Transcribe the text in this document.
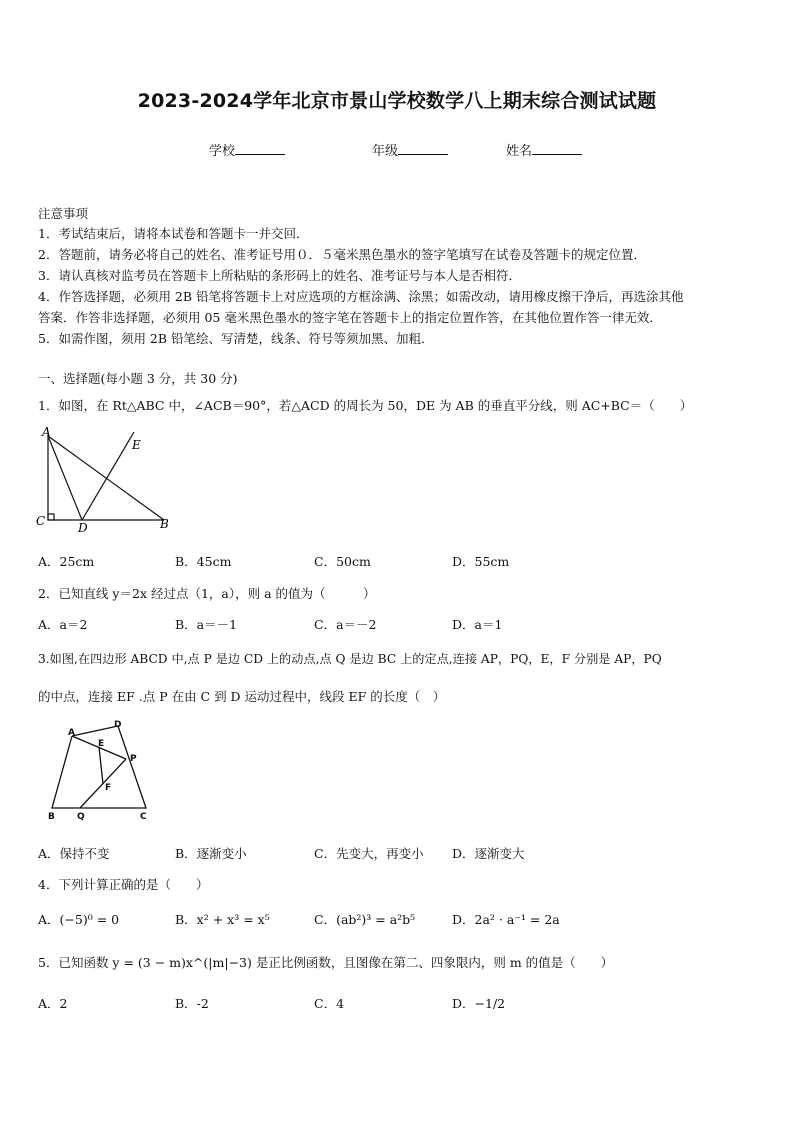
2023-2024学年北京市景山学校数学八上期末综合测试试题
学校	年级	姓名
注意事项
1．考试结束后，请将本试卷和答题卡一并交回．
2．答题前，请务必将自己的姓名、准考证号用０．５毫米黑色墨水的签字笔填写在试卷及答题卡的规定位置．
3．请认真核对监考员在答题卡上所粘贴的条形码上的姓名、准考证号与本人是否相符．
4．作答选择题，必须用 2B 铅笔将答题卡上对应选项的方框涂满、涂黑；如需改动，请用橡皮擦干净后，再选涂其他
答案．作答非选择题，必须用 05 毫米黑色墨水的签字笔在答题卡上的指定位置作答，在其他位置作答一律无效．
5．如需作图，须用 2B 铅笔绘、写清楚，线条、符号等须加黑、加粗．
一、选择题(每小题 3 分，共 30 分)
1．如图，在 Rt△ABC 中，∠ACB＝90°，若△ACD 的周长为 50，DE 为 AB 的垂直平分线，则 AC+BC＝（　　）
A
C	D	B
E
A．25cm	B．45cm	C．50cm	D．55cm
2．已知直线 y＝2x 经过点（1，a），则 a 的值为（　　　）
A．a＝2	B．a＝－1	C．a＝－2	D．a＝1
3.如图,在四边形 ABCD 中,点 P 是边 CD 上的动点,点 Q 是边 BC 上的定点,连接 AP，PQ，E，F 分别是 AP，PQ
的中点，连接 EF .点 P 在由 C 到 D 运动过程中，线段 EF 的长度（　）
A
D
E
P
F
B Q	C
A．保持不变	B．逐渐变小	C．先变大，再变小 D．逐渐变大
4．下列计算正确的是（　　）
A．(−5)⁰ = 0	B．x² + x³ = x⁵	C．(ab²)³ = a²b⁵	D．2a² · a⁻¹ = 2a
5．已知函数 y = (3 − m)x^(|m|−3) 是正比例函数，且图像在第二、四象限内，则 m 的值是（　　）
A．2	B．-2	C．4	D．−1/2
